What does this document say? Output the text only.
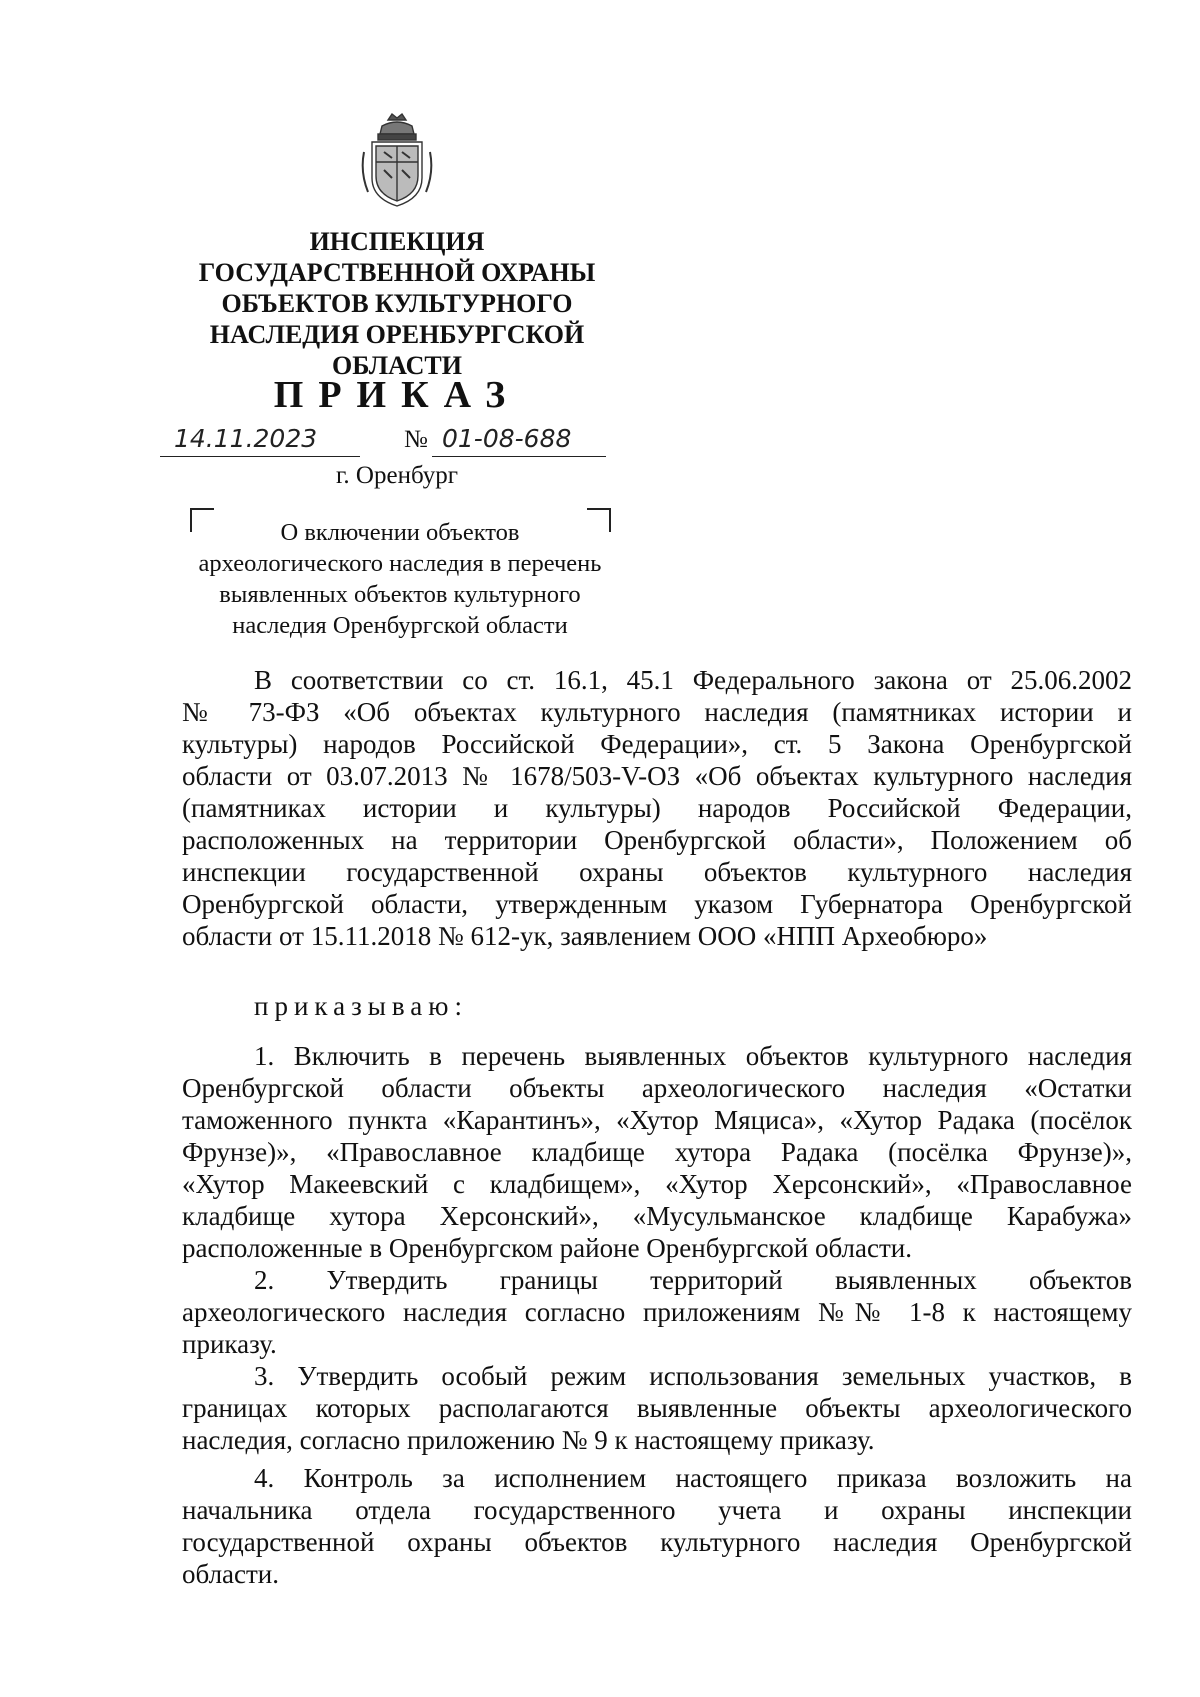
ИНСПЕКЦИЯ
ГОСУДАРСТВЕННОЙ ОХРАНЫ
ОБЪЕКТОВ КУЛЬТУРНОГО
НАСЛЕДИЯ ОРЕНБУРГСКОЙ
ОБЛАСТИ
ПРИКАЗ
14.11.2023	№ 01-08-688
г. Оренбург
О включении объектов
археологического наследия в перечень
выявленных объектов культурного
наследия Оренбургской области
В соответствии со ст. 16.1, 45.1 Федерального закона от 25.06.2002
№ 73-ФЗ «Об объектах культурного наследия (памятниках истории и
культуры) народов Российской Федерации», ст. 5 Закона Оренбургской
области от 03.07.2013 № 1678/503-V-ОЗ «Об объектах культурного наследия
(памятниках истории и культуры) народов Российской Федерации,
расположенных на территории Оренбургской области», Положением об
инспекции государственной охраны объектов культурного наследия
Оренбургской области, утвержденным указом Губернатора Оренбургской
области от 15.11.2018 № 612-ук, заявлением ООО «НПП Археобюро»
приказываю:
1. Включить в перечень выявленных объектов культурного наследия
Оренбургской области объекты археологического наследия «Остатки
таможенного пункта «Карантинъ», «Хутор Мяциса», «Хутор Радака (посёлок
Фрунзе)», «Православное кладбище хутора Радака (посёлка Фрунзе)»,
«Хутор Макеевский с кладбищем», «Хутор Херсонский», «Православное
кладбище хутора Херсонский», «Мусульманское кладбище Карабужа»
расположенные в Оренбургском районе Оренбургской области.
2. Утвердить границы территорий выявленных объектов
археологического наследия согласно приложениям №№ 1-8 к настоящему
приказу.
3. Утвердить особый режим использования земельных участков, в
границах которых располагаются выявленные объекты археологического
наследия, согласно приложению № 9 к настоящему приказу.
4. Контроль за исполнением настоящего приказа возложить на
начальника отдела государственного учета и охраны инспекции
государственной охраны объектов культурного наследия Оренбургской
области.
